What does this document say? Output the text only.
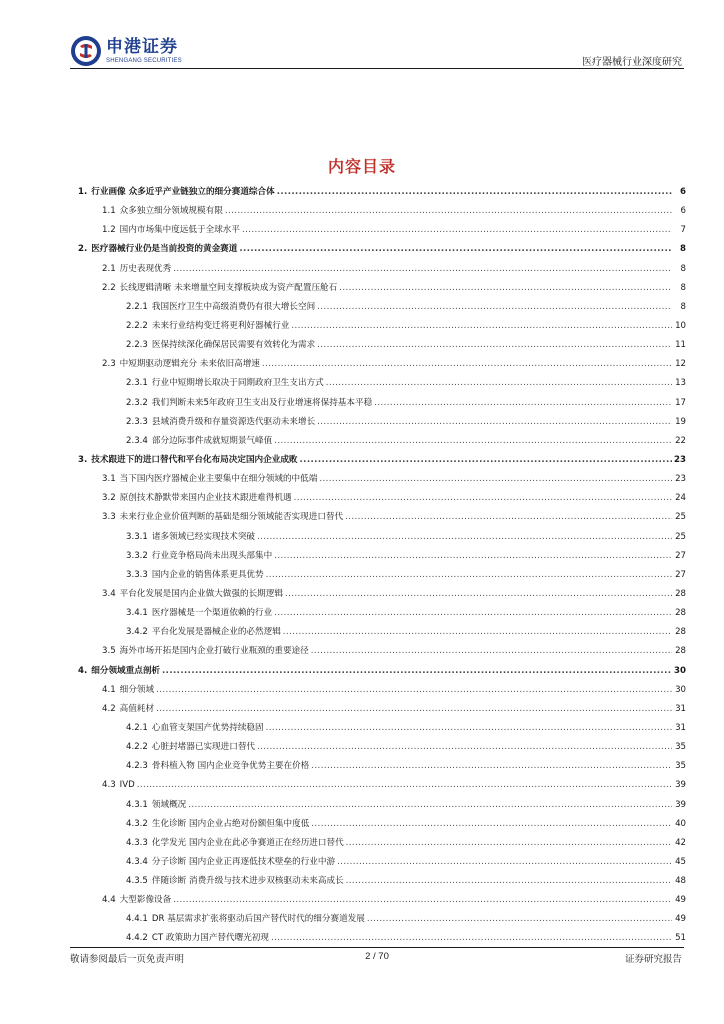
申港证券
SHENGANG SECURITIES	医疗器械行业深度研究
内容目录
1. 行业画像 众多近乎产业链独立的细分赛道综合体 .....	6
1.1 众多独立细分领域规模有限 .....	6
1.2 国内市场集中度远低于全球水平 .....	7
2. 医疗器械行业仍是当前投资的黄金赛道 .....	8
2.1 历史表现优秀 .....	8
2.2 长线逻辑清晰 未来增量空间支撑板块成为资产配置压舱石 .....	8
2.2.1 我国医疗卫生中高级消费仍有很大增长空间 .....	8
2.2.2 未来行业结构变迁将更利好器械行业 .....	10
2.2.3 医保持续深化确保居民需要有效转化为需求 .....	11
2.3 中短期驱动逻辑充分 未来依旧高增速 .....	12
2.3.1 行业中短期增长取决于同期政府卫生支出方式 .....	13
2.3.2 我们判断未来5年政府卫生支出及行业增速将保持基本平稳 .....	17
2.3.3 县域消费升级和存量资源迭代驱动未来增长 .....	19
2.3.4 部分边际事件成就短期景气峰值 .....	22
3. 技术跟进下的进口替代和平台化布局决定国内企业成败 .....	23
3.1 当下国内医疗器械企业主要集中在细分领域的中低端 .....	23
3.2 原创技术静默带来国内企业技术跟进难得机遇 .....	24
3.3 未来行业企业价值判断的基础是细分领域能否实现进口替代 .....	25
3.3.1 诸多领域已经实现技术突破 .....	25
3.3.2 行业竞争格局尚未出现头部集中 .....	27
3.3.3 国内企业的销售体系更具优势 .....	27
3.4 平台化发展是国内企业做大做强的长期逻辑 .....	28
3.4.1 医疗器械是一个渠道依赖的行业 .....	28
3.4.2 平台化发展是器械企业的必然逻辑 .....	28
3.5 海外市场开拓是国内企业打破行业瓶颈的重要途径 .....	28
4. 细分领域重点剖析 .....	30
4.1 细分领域 .....	30
4.2 高值耗材 .....	31
4.2.1 心血管支架国产优势持续稳固 .....	31
4.2.2 心脏封堵器已实现进口替代 .....	35
4.2.3 骨科植入物 国内企业竞争优势主要在价格 .....	35
4.3 IVD .....	39
4.3.1 领域概况 .....	39
4.3.2 生化诊断 国内企业占绝对份额但集中度低 .....	40
4.3.3 化学发光 国内企业在此必争赛道正在经历进口替代 .....	42
4.3.4 分子诊断 国内企业正再逐低技术壁垒的行业中游 .....	45
4.3.5 伴随诊断 消费升级与技术进步双核驱动未来高成长 .....	48
4.4 大型影像设备 .....	49
4.4.1 DR 基层需求扩张将驱动后国产替代时代的细分赛道发展 .....	49
4.4.2 CT 政策助力国产替代曙光初现 .....	51
敬请参阅最后一页免责声明	2 / 70	证券研究报告
